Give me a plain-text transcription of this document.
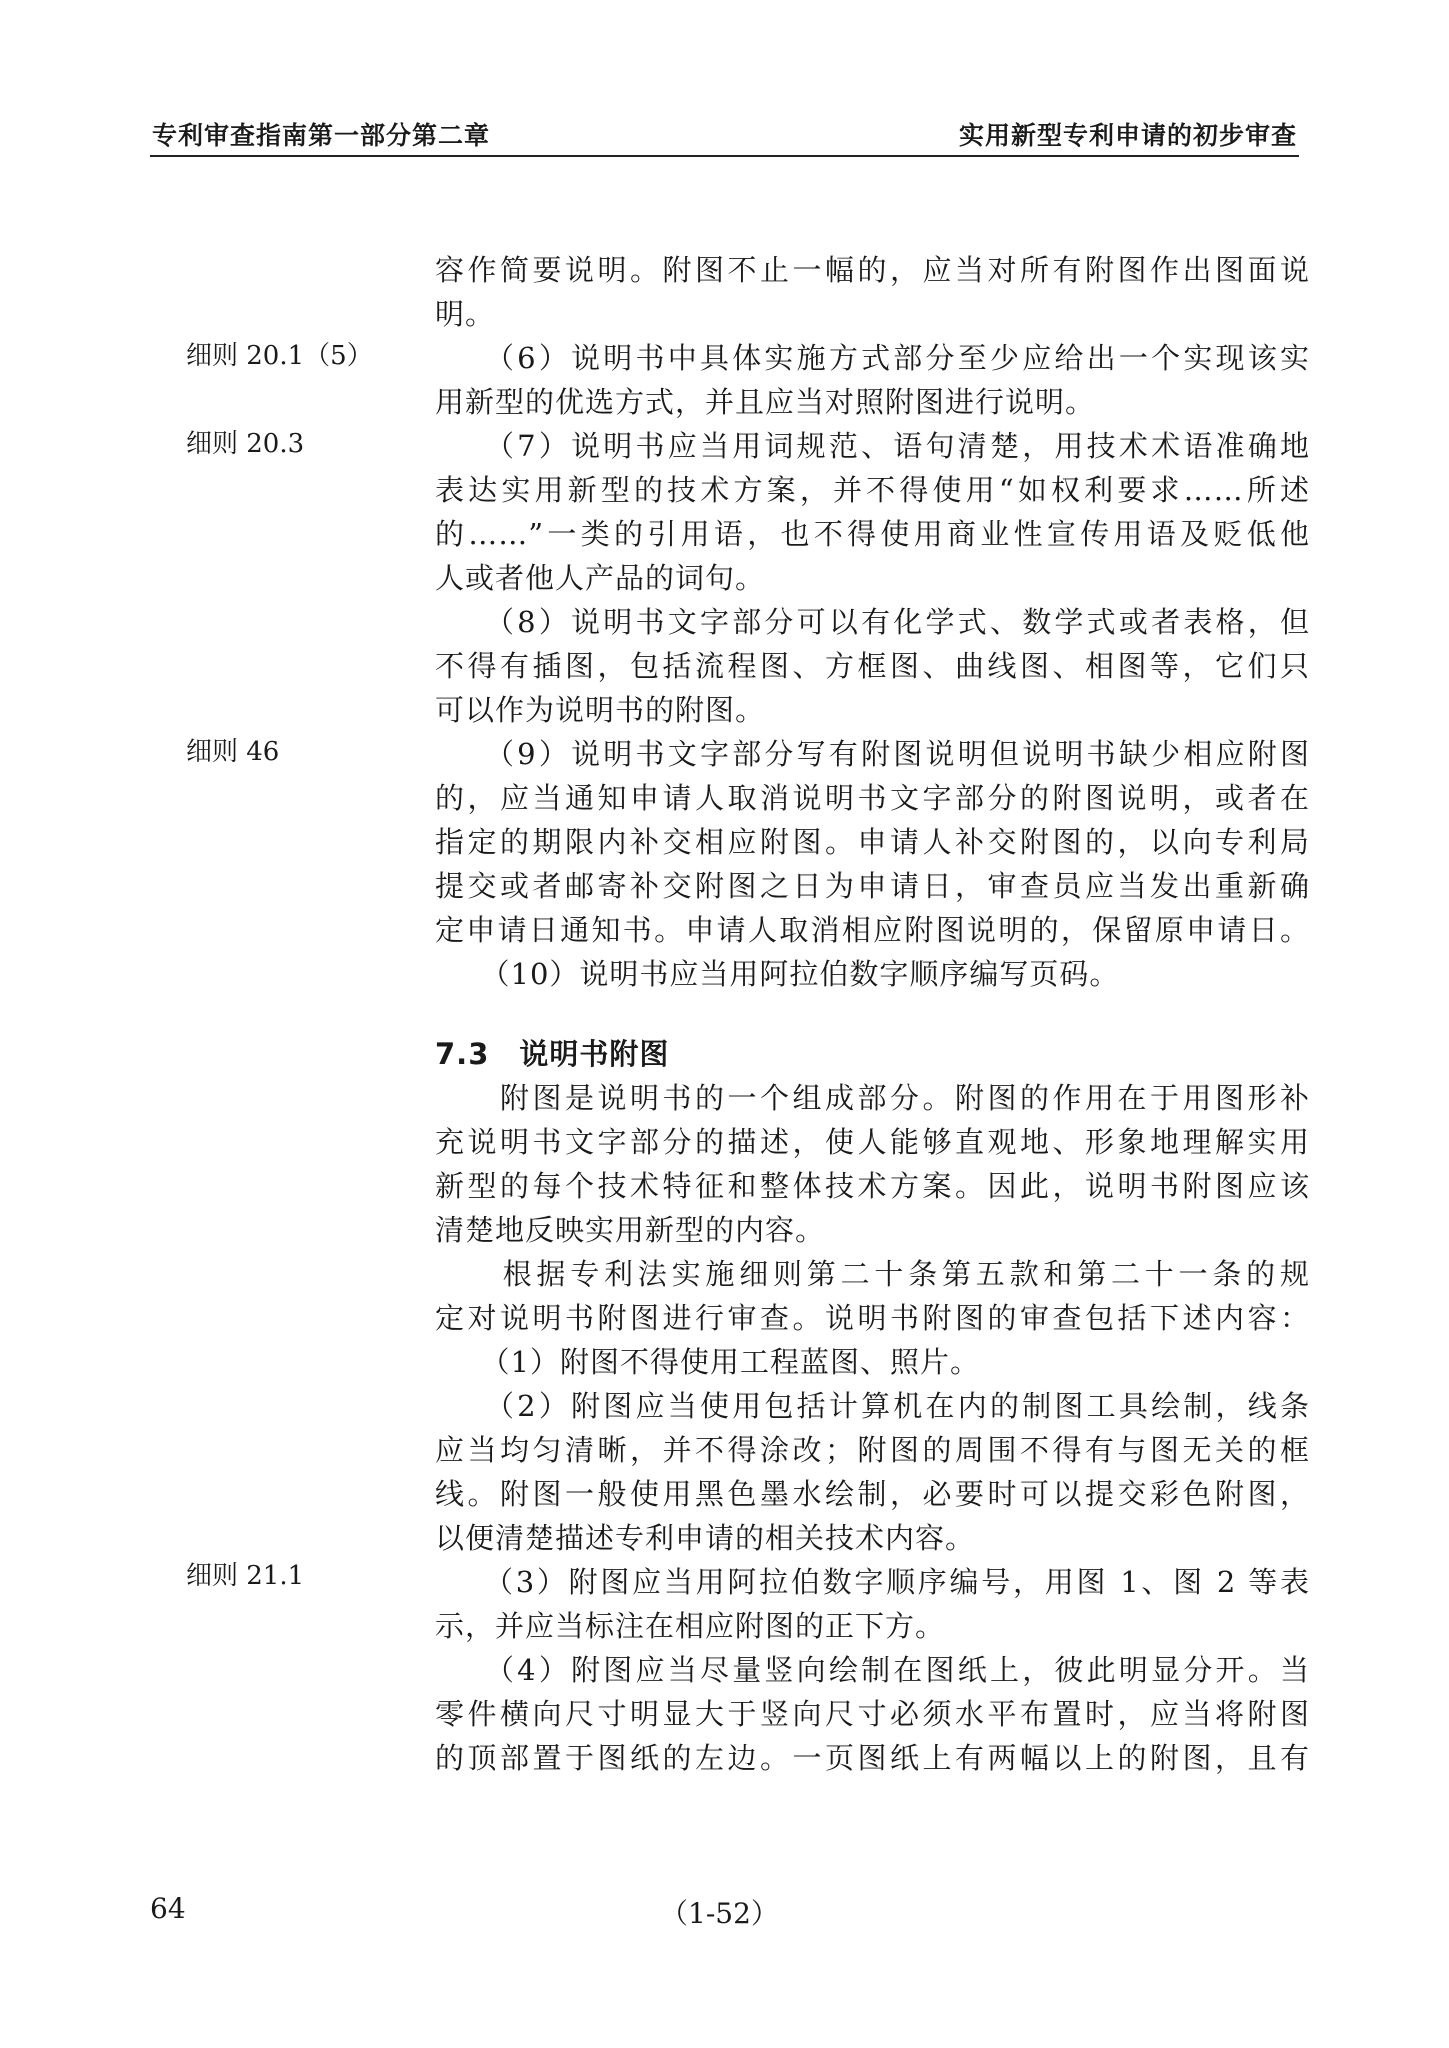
专利审查指南第一部分第二章	实用新型专利申请的初步审查
细则 20.1（5）
细则 20.3
细则 46
细则 21.1
容作简要说明。附图不止一幅的，应当对所有附图作出图面说
明。
　　（6）说明书中具体实施方式部分至少应给出一个实现该实
用新型的优选方式，并且应当对照附图进行说明。
　　（7）说明书应当用词规范、语句清楚，用技术术语准确地
表达实用新型的技术方案，并不得使用“如权利要求……所述
的……”一类的引用语，也不得使用商业性宣传用语及贬低他
人或者他人产品的词句。
　　（8）说明书文字部分可以有化学式、数学式或者表格，但
不得有插图，包括流程图、方框图、曲线图、相图等，它们只
可以作为说明书的附图。
　　（9）说明书文字部分写有附图说明但说明书缺少相应附图
的，应当通知申请人取消说明书文字部分的附图说明，或者在
指定的期限内补交相应附图。申请人补交附图的，以向专利局
提交或者邮寄补交附图之日为申请日，审查员应当发出重新确
定申请日通知书。申请人取消相应附图说明的，保留原申请日。
　　（10）说明书应当用阿拉伯数字顺序编写页码。
7.3　说明书附图
　　附图是说明书的一个组成部分。附图的作用在于用图形补
充说明书文字部分的描述，使人能够直观地、形象地理解实用
新型的每个技术特征和整体技术方案。因此，说明书附图应该
清楚地反映实用新型的内容。
　　根据专利法实施细则第二十条第五款和第二十一条的规
定对说明书附图进行审查。说明书附图的审查包括下述内容：
　　（1）附图不得使用工程蓝图、照片。
　　（2）附图应当使用包括计算机在内的制图工具绘制，线条
应当均匀清晰，并不得涂改；附图的周围不得有与图无关的框
线。附图一般使用黑色墨水绘制，必要时可以提交彩色附图，
以便清楚描述专利申请的相关技术内容。
　　（3）附图应当用阿拉伯数字顺序编号，用图 1、图 2 等表
示，并应当标注在相应附图的正下方。
　　（4）附图应当尽量竖向绘制在图纸上，彼此明显分开。当
零件横向尺寸明显大于竖向尺寸必须水平布置时，应当将附图
的顶部置于图纸的左边。一页图纸上有两幅以上的附图，且有
64	（1-52）
